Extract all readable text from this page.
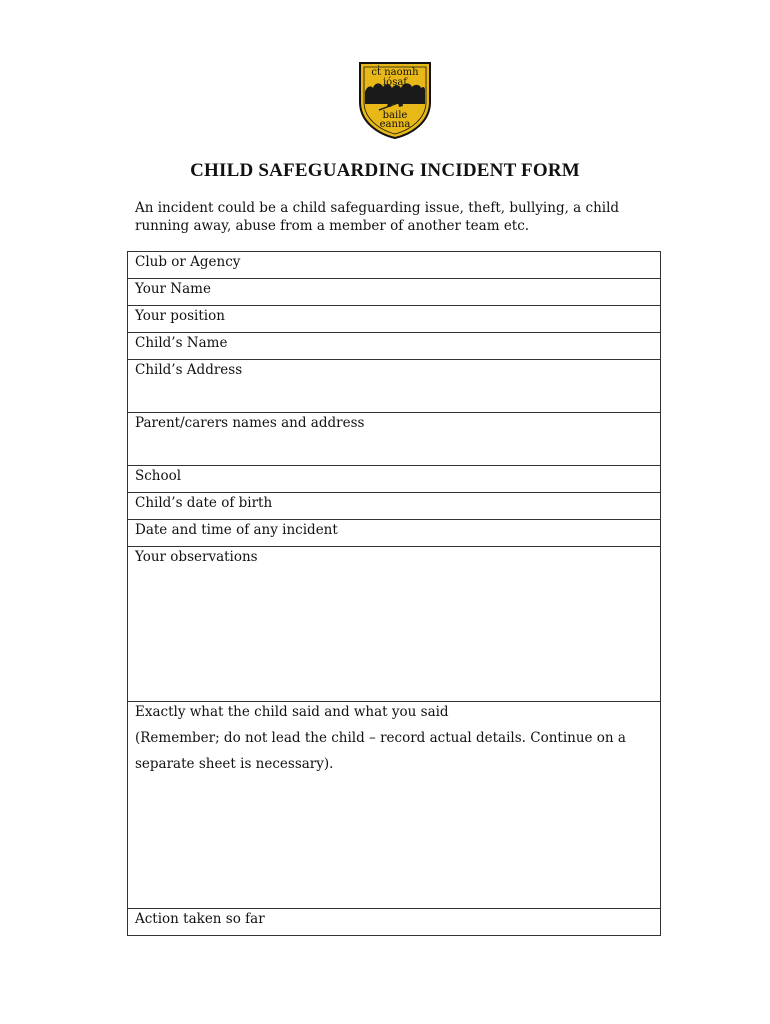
cṫ naomh
iósaf
baile
eanna
CHILD SAFEGUARDING INCIDENT FORM

An incident could be a child safeguarding issue, theft, bullying, a child running away, abuse from a member of another team etc.

Club or Agency
Your Name
Your position
Child’s Name
Child’s Address
Parent/carers names and address
School
Child’s date of birth
Date and time of any incident
Your observations
Exactly what the child said and what you said
(Remember; do not lead the child – record actual details. Continue on a
separate sheet is necessary).

Action taken so far
